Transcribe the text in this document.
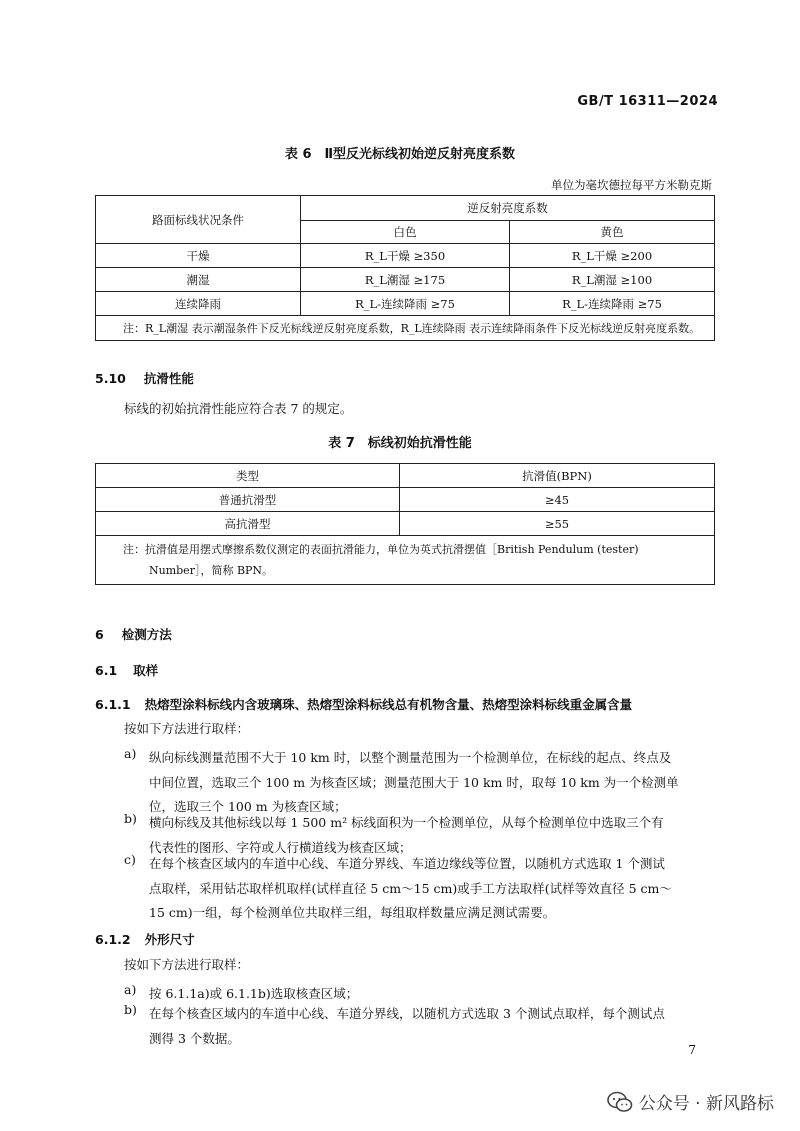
GB/T 16311—2024
表 6　Ⅱ型反光标线初始逆反射亮度系数
单位为毫坎德拉每平方米勒克斯
路面标线状况条件	逆反射亮度系数	
	白色	黄色
干燥	R_L干燥 ≥350	R_L干燥 ≥200
潮湿	R_L潮湿 ≥175	R_L潮湿 ≥100
连续降雨	R_L-连续降雨 ≥75	R_L-连续降雨 ≥75
注：R_L潮湿 表示潮湿条件下反光标线逆反射亮度系数，R_L连续降雨 表示连续降雨条件下反光标线逆反射亮度系数。		
5.10 抗滑性能
标线的初始抗滑性能应符合表 7 的规定。
表 7　标线初始抗滑性能
类型	抗滑值(BPN)
普通抗滑型	≥45
高抗滑型	≥55

注：抗滑值是用摆式摩擦系数仪测定的表面抗滑能力，单位为英式抗滑摆值［British Pendulum (tester)
Number］，简称 BPN。	
6 检测方法
6.1 取样
6.1.1 热熔型涂料标线内含玻璃珠、热熔型涂料标线总有机物含量、热熔型涂料标线重金属含量
按如下方法进行取样：
a)	纵向标线测量范围不大于 10 km 时，以整个测量范围为一个检测单位，在标线的起点、终点及
中间位置，选取三个 100 m 为核查区域；测量范围大于 10 km 时，取每 10 km 为一个检测单
位，选取三个 100 m 为核查区域；
b) 横向标线及其他标线以每 1 500 m² 标线面积为一个检测单位，从每个检测单位中选取三个有
代表性的图形、字符或人行横道线为核查区域；
c)	在每个核查区域内的车道中心线、车道分界线、车道边缘线等位置，以随机方式选取 1 个测试
点取样，采用钻芯取样机取样(试样直径 5 cm～15 cm)或手工方法取样(试样等效直径 5 cm～
15 cm)一组，每个检测单位共取样三组，每组取样数量应满足测试需要。
6.1.2 外形尺寸
按如下方法进行取样：
a)	按 6.1.1a)或 6.1.1b)选取核查区域；
b) 在每个核查区域内的车道中心线、车道分界线，以随机方式选取 3 个测试点取样，每个测试点
测得 3 个数据。
7
公众号 · 新风路标
